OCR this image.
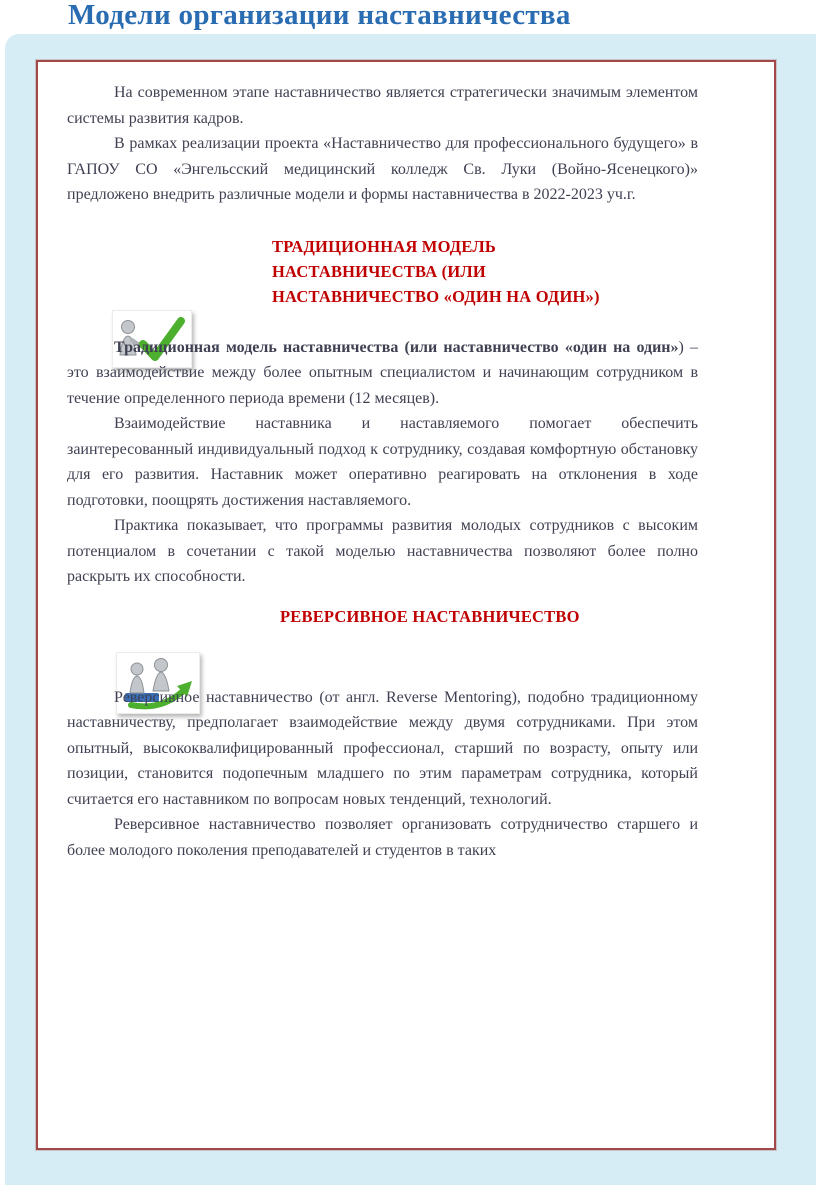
Модели организации наставничества

На современном этапе наставничество является стратегически значимым элементом системы развития кадров.

В рамках реализации проекта «Наставничество для профессионального будущего» в ГАПОУ СО «Энгельсский медицинский колледж Св. Луки (Войно-Ясенецкого)» предложено внедрить различные модели и формы наставничества в 2022-2023 уч.г.

ТРАДИЦИОННАЯ МОДЕЛЬ
НАСТАВНИЧЕСТВА (ИЛИ
НАСТАВНИЧЕСТВО «ОДИН НА ОДИН»)

Традиционная модель наставничества (или наставничество «один на один») – это взаимодействие между более опытным специалистом и начинающим сотрудником в течение определенного периода времени (12 месяцев).

Взаимодействие наставника и наставляемого помогает обеспечить заинтересованный индивидуальный подход к сотруднику, создавая комфортную обстановку для его развития. Наставник может оперативно реагировать на отклонения в ходе подготовки, поощрять достижения наставляемого.

Практика показывает, что программы развития молодых сотрудников с высоким потенциалом в сочетании с такой моделью наставничества позволяют более полно раскрыть их способности.

РЕВЕРСИВНОЕ НАСТАВНИЧЕСТВО

Реверсивное наставничество (от англ. Reverse Mentoring), подобно традиционному наставничеству, предполагает взаимодействие между двумя сотрудниками. При этом опытный, высококвалифицированный профессионал, старший по возрасту, опыту или позиции, становится подопечным младшего по этим параметрам сотрудника, который считается его наставником по вопросам новых тенденций, технологий.

Реверсивное наставничество позволяет организовать сотрудничество старшего и более молодого поколения преподавателей и студентов в таких
